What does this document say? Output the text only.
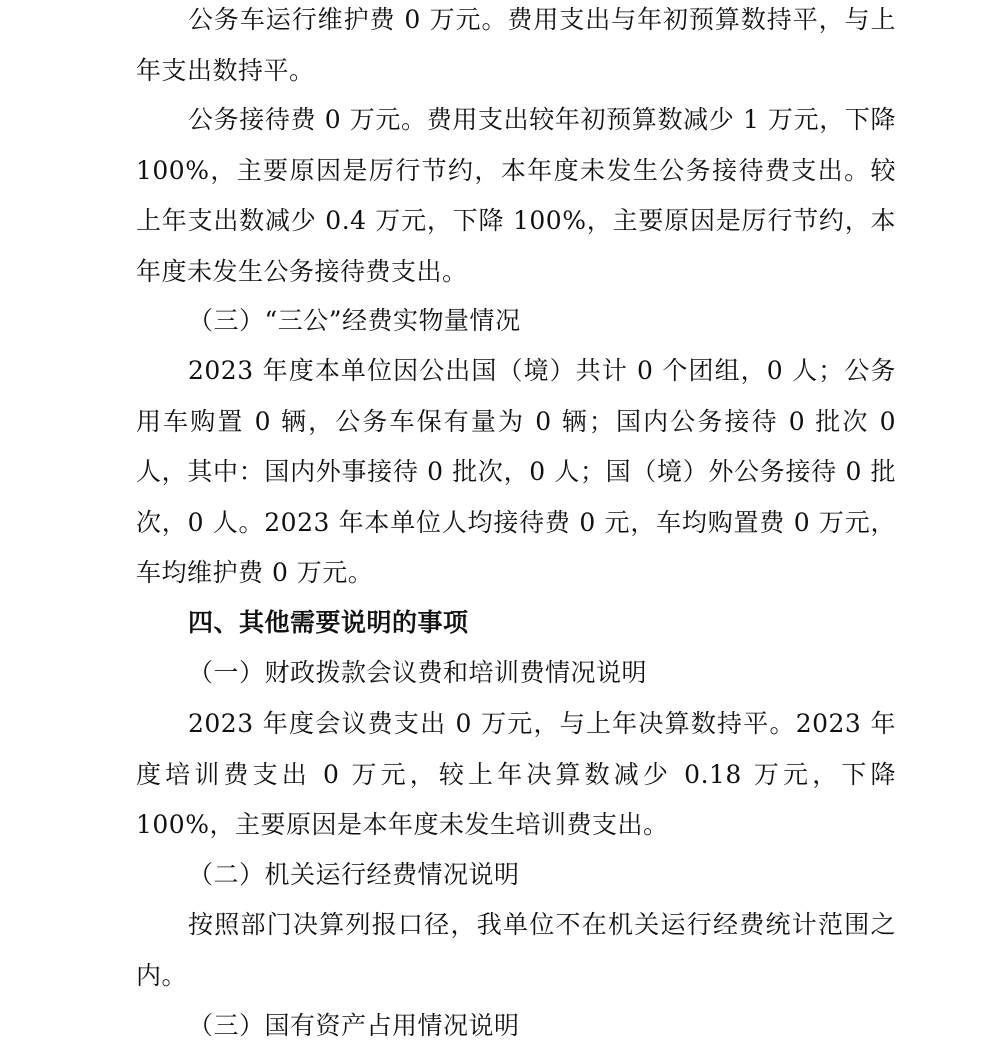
公务车运行维护费 0 万元。费用支出与年初预算数持平，与上年支出数持平。

公务接待费 0 万元。费用支出较年初预算数减少 1 万元，下降 100%，主要原因是厉行节约，本年度未发生公务接待费支出。较上年支出数减少 0.4 万元，下降 100%，主要原因是厉行节约，本年度未发生公务接待费支出。

（三）“三公”经费实物量情况

2023 年度本单位因公出国（境）共计 0 个团组，0 人；公务用车购置 0 辆，公务车保有量为 0 辆；国内公务接待 0 批次 0 人，其中：国内外事接待 0 批次，0 人；国（境）外公务接待 0 批次，0 人。2023 年本单位人均接待费 0 元，车均购置费 0 万元，车均维护费 0 万元。

四、其他需要说明的事项

（一）财政拨款会议费和培训费情况说明

2023 年度会议费支出 0 万元，与上年决算数持平。2023 年度培训费支出 0 万元，较上年决算数减少 0.18 万元，下降 100%，主要原因是本年度未发生培训费支出。

（二）机关运行经费情况说明

按照部门决算列报口径，我单位不在机关运行经费统计范围之内。

（三）国有资产占用情况说明
